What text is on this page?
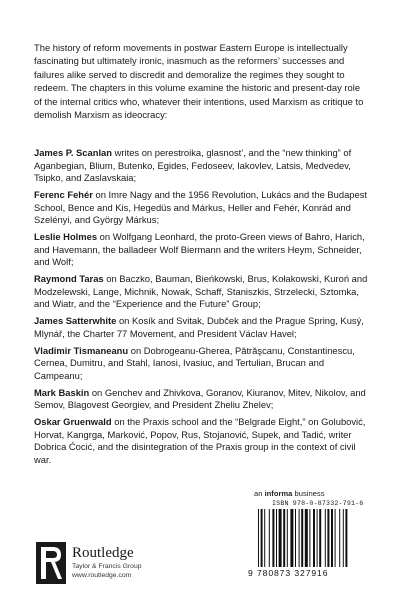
The history of reform movements in postwar Eastern Europe is intellectually fascinating but ultimately ironic, inasmuch as the reformers’ successes and failures alike served to discredit and demoralize the regimes they sought to redeem. The chapters in this volume examine the historic and present-day role of the internal critics who, whatever their intentions, used Marxism as critique to demolish Marxism as ideocracy:

James P. Scanlan writes on perestroika, glasnost’, and the “new thinking” of Aganbegian, Blium, Butenko, Egides, Fedoseev, Iakovlev, Latsis, Medvedev, Tsipko, and Zaslavskaia;

Ferenc Fehér on Imre Nagy and the 1956 Revolution, Lukács and the Budapest School, Bence and Kis, Hegedüs and Márkus, Heller and Fehér, Konrád and Szelényi, and György Márkus;

Leslie Holmes on Wolfgang Leonhard, the proto-Green views of Bahro, Harich, and Havemann, the balladeer Wolf Biermann and the writers Heym, Schneider, and Wolf;

Raymond Taras on Baczko, Bauman, Bieńkowski, Brus, Kołakowski, Kuroń and Modzelewski, Lange, Michnik, Nowak, Schaff, Staniszkis, Strzelecki, Sztomka, and Wiatr, and the “Experience and the Future” Group;

James Satterwhite on Kosík and Svitak, Dubček and the Prague Spring, Kusý, Mlynář, the Charter 77 Movement, and President Václav Havel;

Vladimir Tismaneanu on Dobrogeanu-Gherea, Pătrăşcanu, Constantinescu, Cernea, Dumitru, and Stahl, Ianosi, Ivasiuc, and Tertulian, Brucan and Campeanu;

Mark Baskin on Genchev and Zhivkova, Goranov, Kiuranov, Mitev, Nikolov, and Semov, Blagovest Georgiev, and President Zheliu Zhelev;

Oskar Gruenwald on the Praxis school and the “Belgrade Eight,” on Golubović, Horvat, Kangrga, Marković, Popov, Rus, Stojanović, Supek, and Tadić, writer Dobrica Ćocić, and the disintegration of the Praxis group in the context of civil war.

an informa business
Routledge
Taylor & Francis Group
www.routledge.com
ISBN 978-0-87332-791-6
9 780873 327916
